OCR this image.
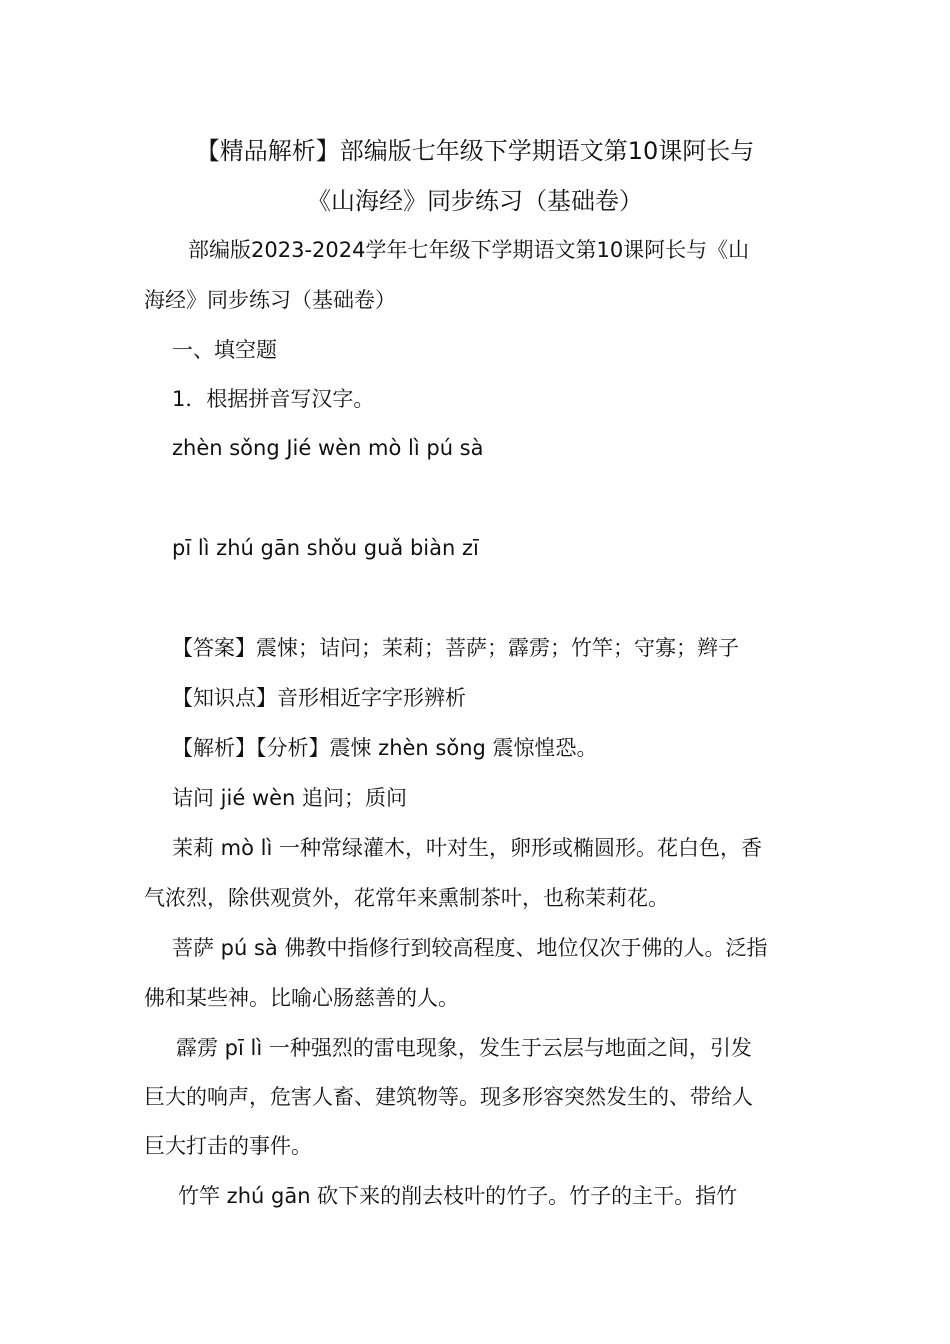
【精品解析】部编版七年级下学期语文第10课阿长与
《山海经》同步练习（基础卷）
部编版2023-2024学年七年级下学期语文第10课阿长与《山
海经》同步练习（基础卷）
一、填空题
1．根据拼音写汉字。
zhèn sǒng Jié wèn mò lì pú sà
pī lì zhú gān shǒu guǎ biàn zī
【答案】震悚；诘问；茉莉；菩萨；霹雳；竹竿；守寡；辫子
【知识点】音形相近字字形辨析
【解析】【分析】震悚 zhèn sǒng 震惊惶恐。
诘问 jié wèn 追问；质问
茉莉 mò lì 一种常绿灌木，叶对生，卵形或椭圆形。花白色，香
气浓烈，除供观赏外，花常年来熏制茶叶，也称茉莉花。
菩萨 pú sà 佛教中指修行到较高程度、地位仅次于佛的人。泛指
佛和某些神。比喻心肠慈善的人。
霹雳 pī lì 一种强烈的雷电现象，发生于云层与地面之间，引发
巨大的响声，危害人畜、建筑物等。现多形容突然发生的、带给人
巨大打击的事件。
竹竿 zhú gān 砍下来的削去枝叶的竹子。竹子的主干。指竹
